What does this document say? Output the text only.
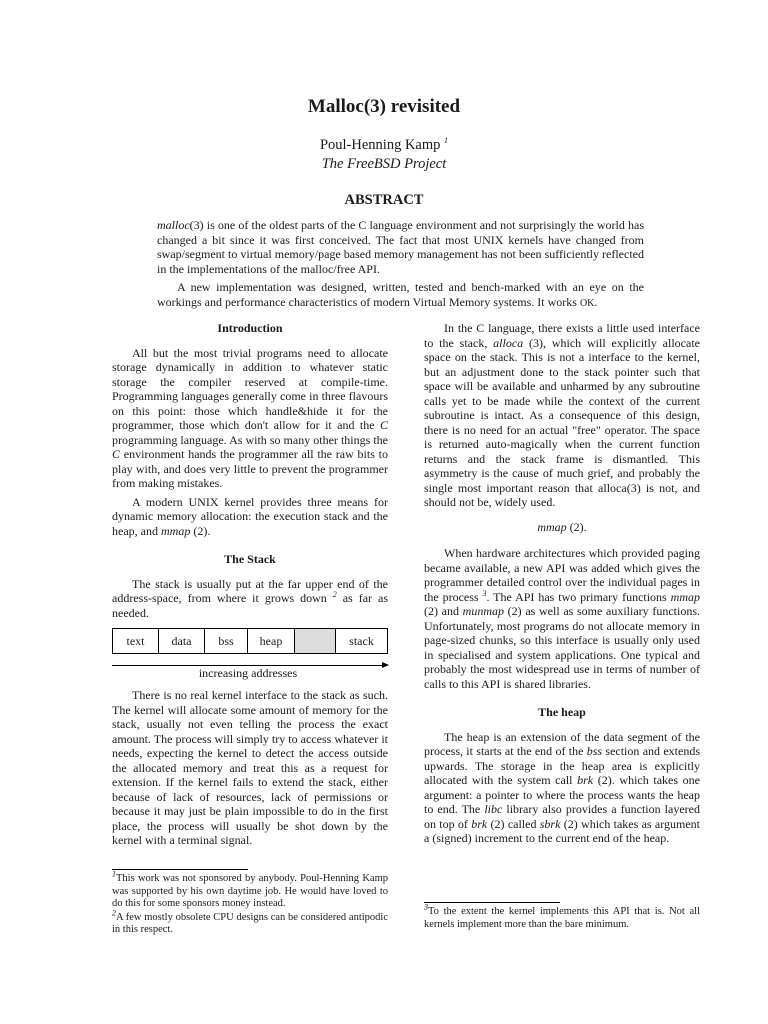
Malloc(3) revisited
Poul-Henning Kamp $^1$
The FreeBSD Project
ABSTRACT

malloc(3) is one of the oldest parts of the C language environment and not surprisingly the world has changed a bit since it was first conceived. The fact that most UNIX kernels have changed from swap/segment to virtual memory/page based memory management has not been sufficiently reflected in the implementations of the malloc/free API.

A new implementation was designed, written, tested and bench-marked with an eye on the workings and performance characteristics of modern Virtual Memory systems. It works OK.

Introduction

All but the most trivial programs need to allocate storage dynamically in addition to whatever static storage the compiler reserved at compile-time. Programming languages generally come in three flavours on this point: those which handle&hide it for the programmer, those which don't allow for it and the C programming language. As with so many other things the C environment hands the programmer all the raw bits to play with, and does very little to prevent the programmer from making mistakes.

A modern UNIX kernel provides three means for dynamic memory allocation: the execution stack and the heap, and mmap (2).

The Stack

The stack is usually put at the far upper end of the address-space, from where it grows down $^2$ as far as needed.

text	data	bss	heap	stack
increasing addresses

There is no real kernel interface to the stack as such. The kernel will allocate some amount of memory for the stack, usually not even telling the process the exact amount. The process will simply try to access whatever it needs, expecting the kernel to detect the access outside the allocated memory and treat this as a request for extension. If the kernel fails to extend the stack, either because of lack of resources, lack of permissions or because it may just be plain impossible to do in the first place, the process will usually be shot down by the kernel with a terminal signal.

$^1$This work was not sponsored by anybody. Poul-Henning Kamp was supported by his own daytime job. He would have loved to do this for some sponsors money instead.

$^2$A few mostly obsolete CPU designs can be considered antipodic in this respect.

In the C language, there exists a little used interface to the stack, alloca (3), which will explicitly allocate space on the stack. This is not a interface to the kernel, but an adjustment done to the stack pointer such that space will be available and unharmed by any subroutine calls yet to be made while the context of the current subroutine is intact. As a consequence of this design, there is no need for an actual "free" operator. The space is returned auto-magically when the current function returns and the stack frame is dismantled. This asymmetry is the cause of much grief, and probably the single most important reason that alloca(3) is not, and should not be, widely used.

mmap (2).

When hardware architectures which provided paging became available, a new API was added which gives the programmer detailed control over the individual pages in the process $^3$. The API has two primary functions mmap (2) and munmap (2) as well as some auxiliary functions. Unfortunately, most programs do not allocate memory in page-sized chunks, so this interface is usually only used in specialised and system applications. One typical and probably the most widespread use in terms of number of calls to this API is shared libraries.

The heap

The heap is an extension of the data segment of the process, it starts at the end of the bss section and extends upwards. The storage in the heap area is explicitly allocated with the system call brk (2). which takes one argument: a pointer to where the process wants the heap to end. The libc library also provides a function layered on top of brk (2) called sbrk (2) which takes as argument a (signed) increment to the current end of the heap.

$^3$To the extent the kernel implements this API that is. Not all kernels implement more than the bare minimum.
